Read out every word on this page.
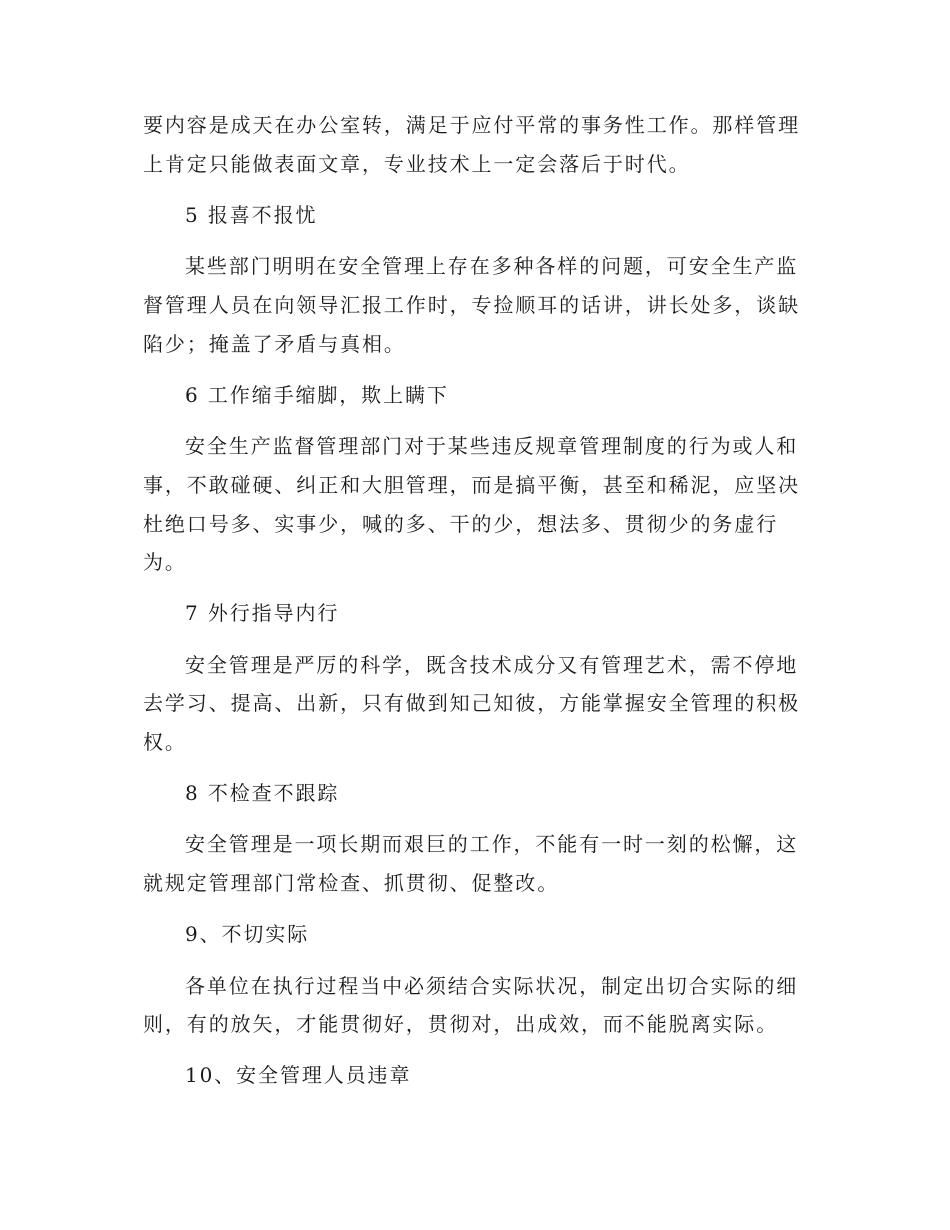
要内容是成天在办公室转，满足于应付平常的事务性工作。那样管理
上肯定只能做表面文章，专业技术上一定会落后于时代。
5 报喜不报忧
某些部门明明在安全管理上存在多种各样的问题，可安全生产监
督管理人员在向领导汇报工作时，专捡顺耳的话讲，讲长处多，谈缺
陷少；掩盖了矛盾与真相。
6 工作缩手缩脚，欺上瞒下
安全生产监督管理部门对于某些违反规章管理制度的行为或人和
事，不敢碰硬、纠正和大胆管理，而是搞平衡，甚至和稀泥，应坚决
杜绝口号多、实事少，喊的多、干的少，想法多、贯彻少的务虚行
为。
7 外行指导内行
安全管理是严厉的科学，既含技术成分又有管理艺术，需不停地
去学习、提高、出新，只有做到知己知彼，方能掌握安全管理的积极
权。
8 不检查不跟踪
安全管理是一项长期而艰巨的工作，不能有一时一刻的松懈，这
就规定管理部门常检查、抓贯彻、促整改。
9、不切实际
各单位在执行过程当中必须结合实际状况，制定出切合实际的细
则，有的放矢，才能贯彻好，贯彻对，出成效，而不能脱离实际。
10、安全管理人员违章
